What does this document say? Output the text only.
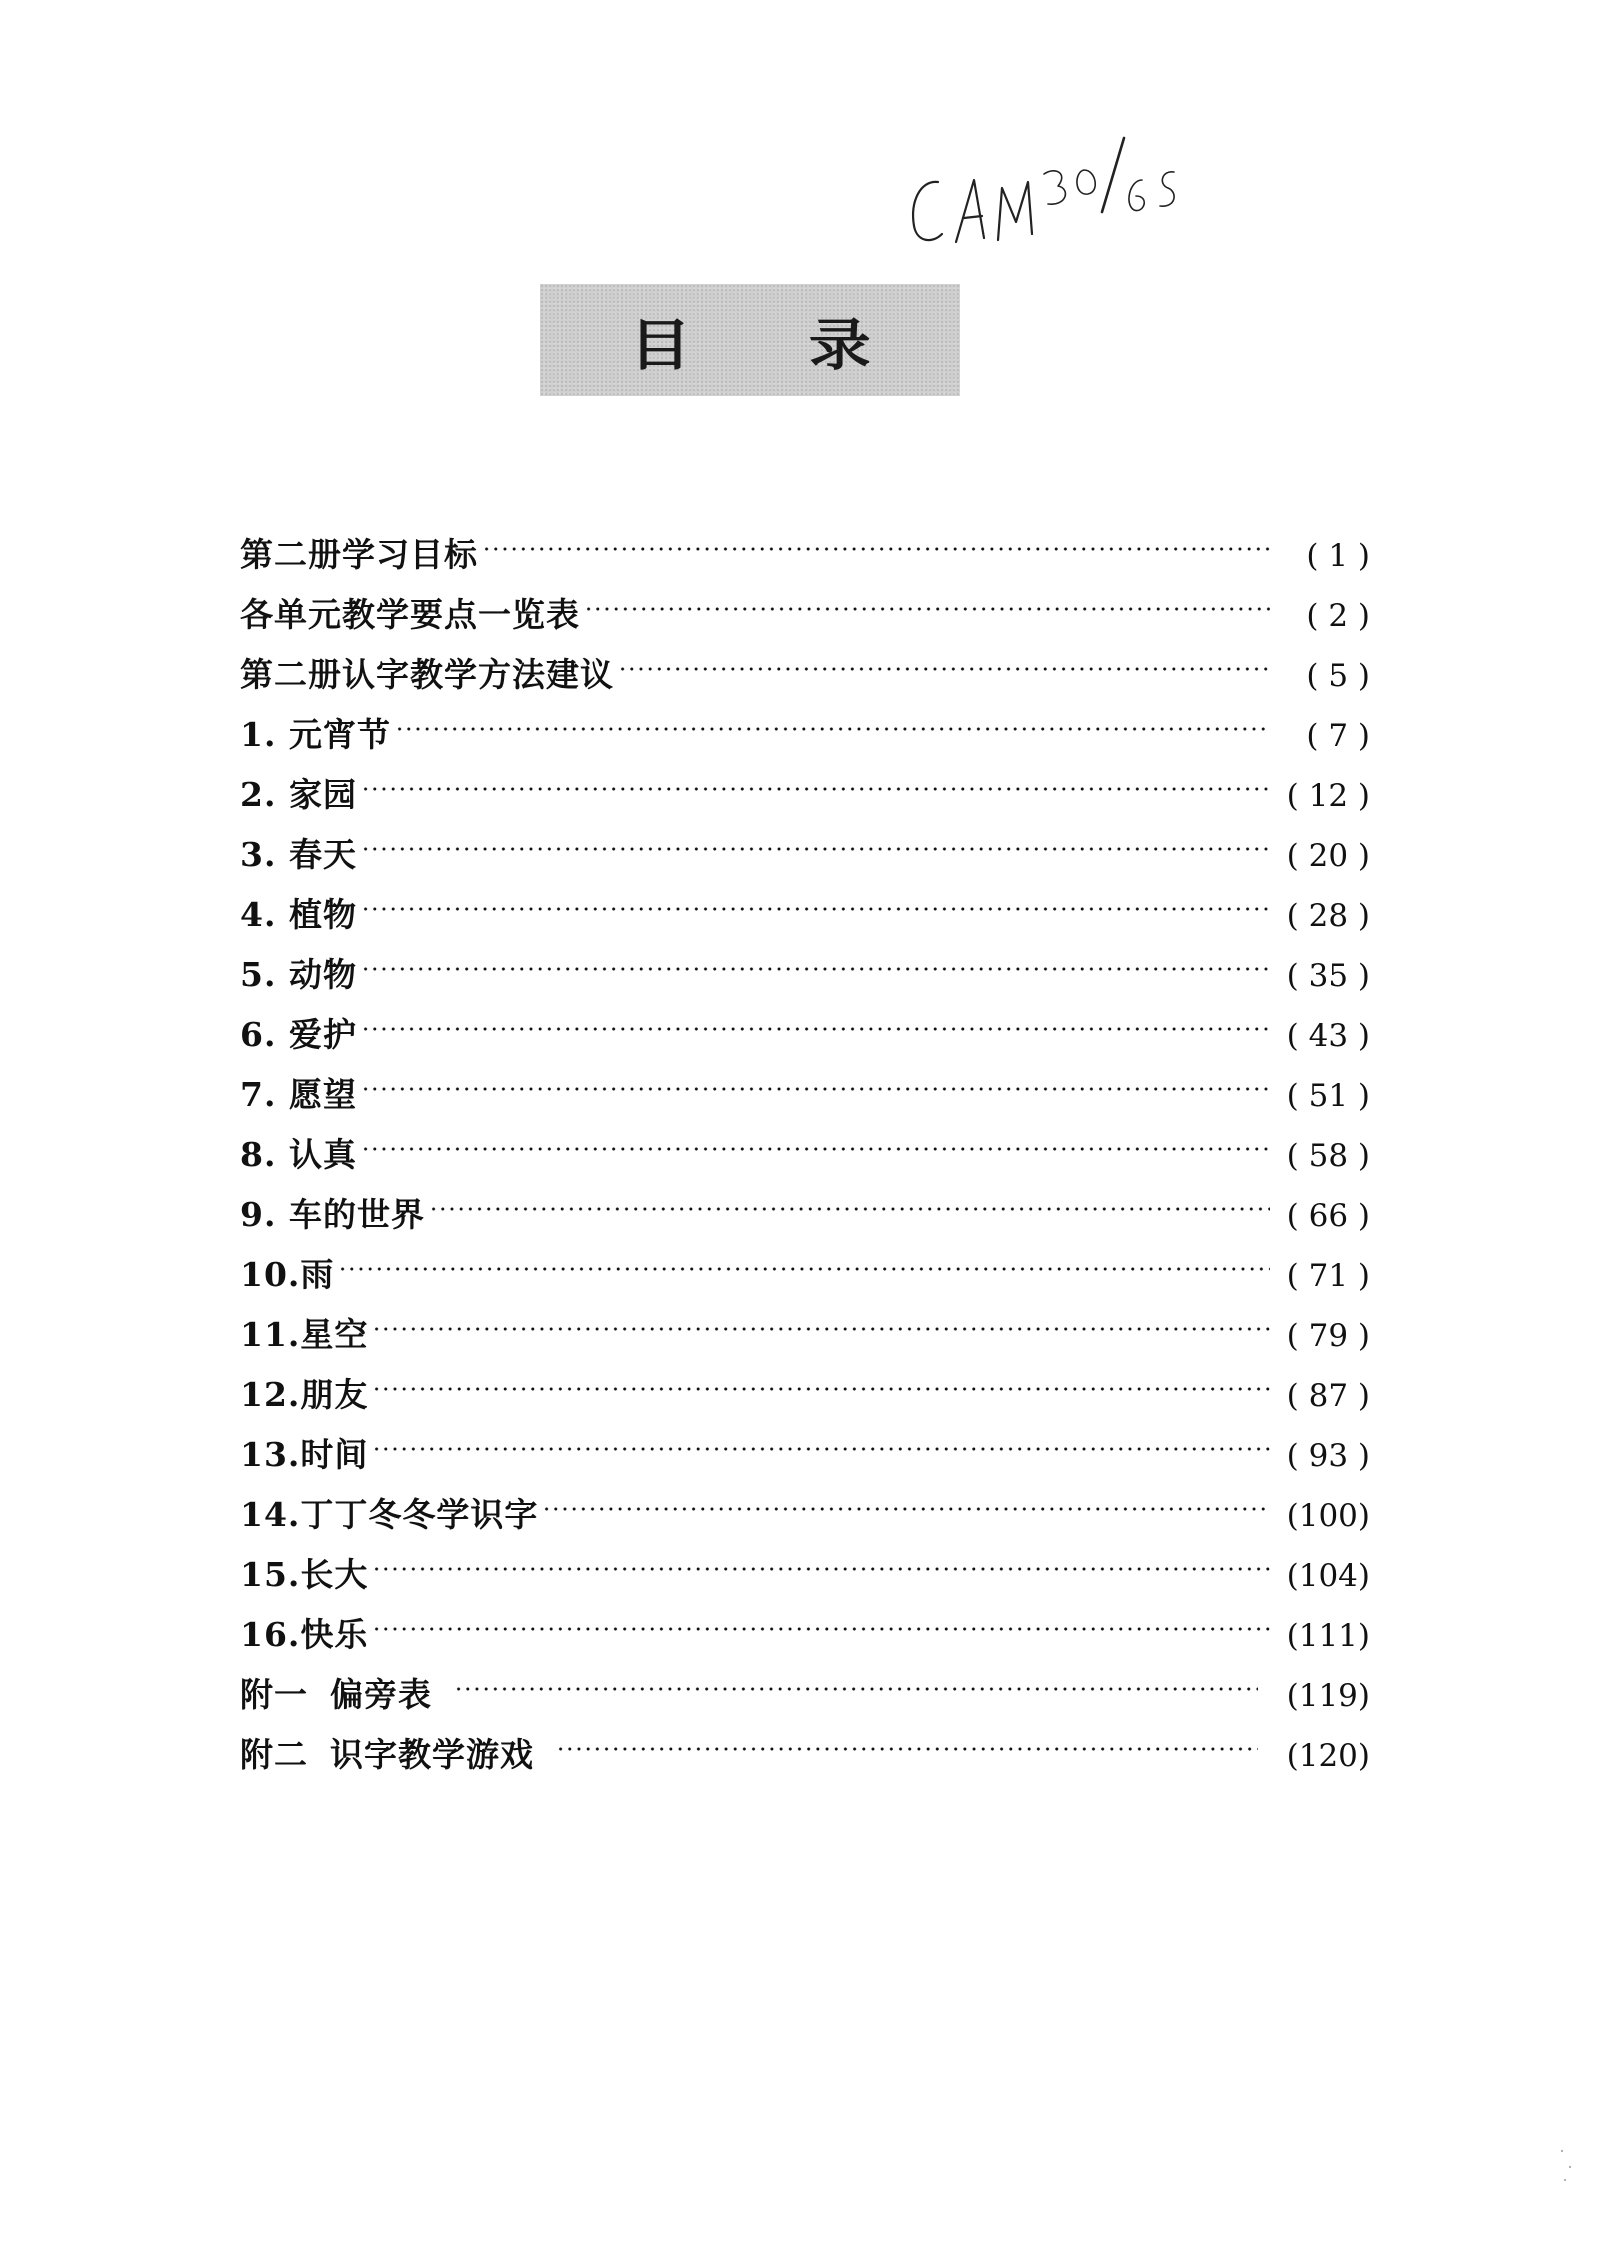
目 录
第二册学习目标	( 1 )
各单元教学要点一览表	( 2 )
第二册认字教学方法建议	( 5 )
1. 元宵节	( 7 )
2. 家园	( 12 )
3. 春天	( 20 )
4. 植物	( 28 )
5. 动物	( 35 )
6. 爱护	( 43 )
7. 愿望	( 51 )
8. 认真	( 58 )
9. 车的世界	( 66 )
10.雨	( 71 )
11.星空	( 79 )
12.朋友	( 87 )
13.时间	( 93 )
14.丁丁冬冬学识字	(100)
15.长大	(104)
16.快乐	(111)
附一 偏旁表	(119)
附二 识字教学游戏	(120)
